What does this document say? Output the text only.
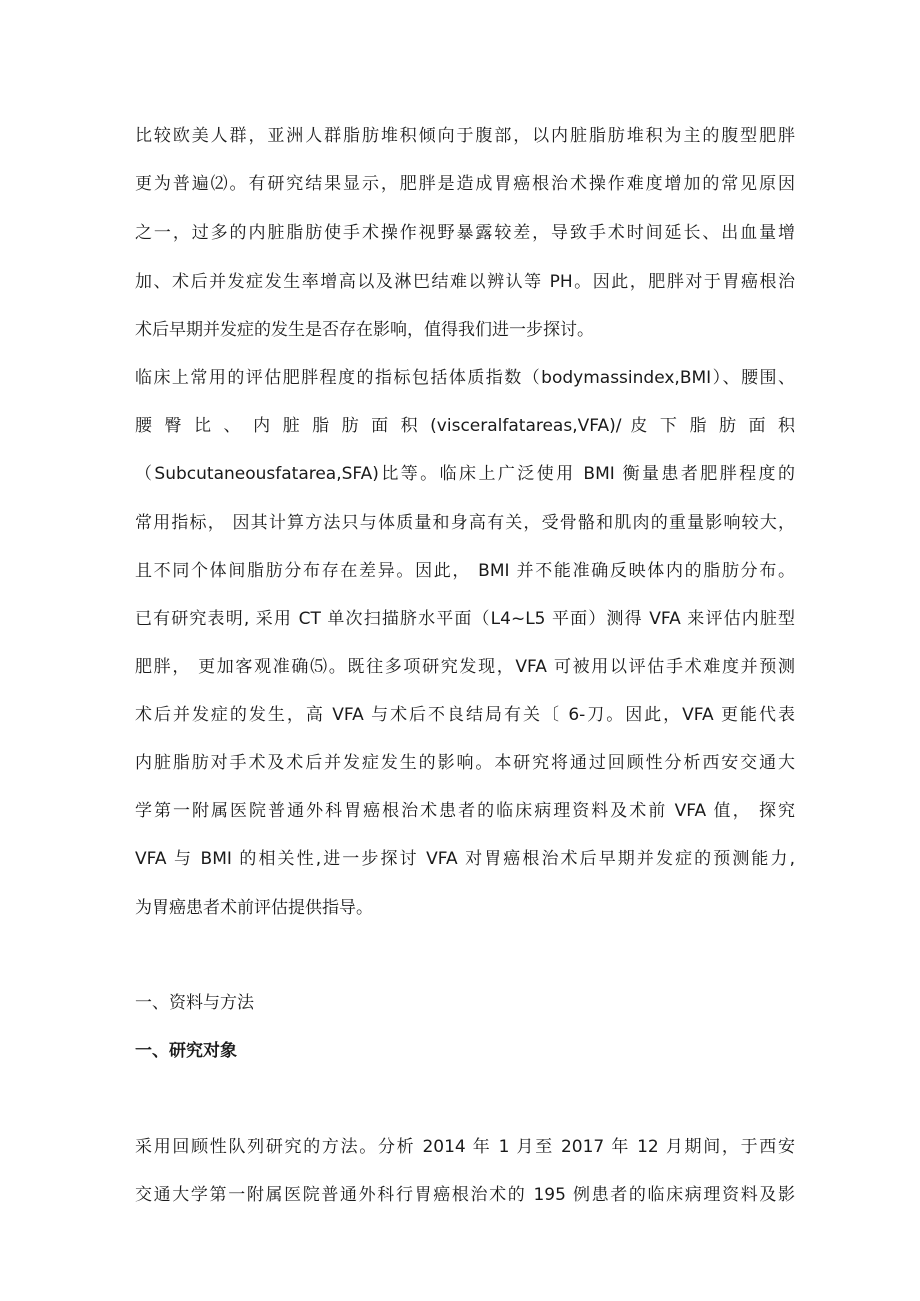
比较欧美人群，亚洲人群脂肪堆积倾向于腹部，以内脏脂肪堆积为主的腹型肥胖
更为普遍⑵。有研究结果显示，肥胖是造成胃癌根治术操作难度增加的常见原因
之一，过多的内脏脂肪使手术操作视野暴露较差，导致手术时间延长、出血量增
加、术后并发症发生率增高以及淋巴结难以辨认等 PH。因此，肥胖对于胃癌根治
术后早期并发症的发生是否存在影响，值得我们进一步探讨。
临床上常用的评估肥胖程度的指标包括体质指数（bodymassindex,BMI）、腰围、
腰 臀 比 、 内 脏 脂 肪 面 积 (visceralfatareas,VFA)/ 皮 下 脂 肪 面 积
（Subcutaneousfatarea,SFA)比等。临床上广泛使用 BMI 衡量患者肥胖程度的
常用指标， 因其计算方法只与体质量和身高有关，受骨骼和肌肉的重量影响较大，
且不同个体间脂肪分布存在差异。因此， BMI 并不能准确反映体内的脂肪分布。
已有研究表明, 采用 CT 单次扫描脐水平面（L4~L5 平面）测得 VFA 来评估内脏型
肥胖， 更加客观准确⑸。既往多项研究发现，VFA 可被用以评估手术难度并预测
术后并发症的发生，高 VFA 与术后不良结局有关〔 6-刀。因此，VFA 更能代表
内脏脂肪对手术及术后并发症发生的影响。本研究将通过回顾性分析西安交通大
学第一附属医院普通外科胃癌根治术患者的临床病理资料及术前 VFA 值， 探究
VFA 与 BMI 的相关性,进一步探讨 VFA 对胃癌根治术后早期并发症的预测能力,
为胃癌患者术前评估提供指导。
一、资料与方法
一、研究对象
采用回顾性队列研究的方法。分析 2014 年 1 月至 2017 年 12 月期间，于西安
交通大学第一附属医院普通外科行胃癌根治术的 195 例患者的临床病理资料及影
